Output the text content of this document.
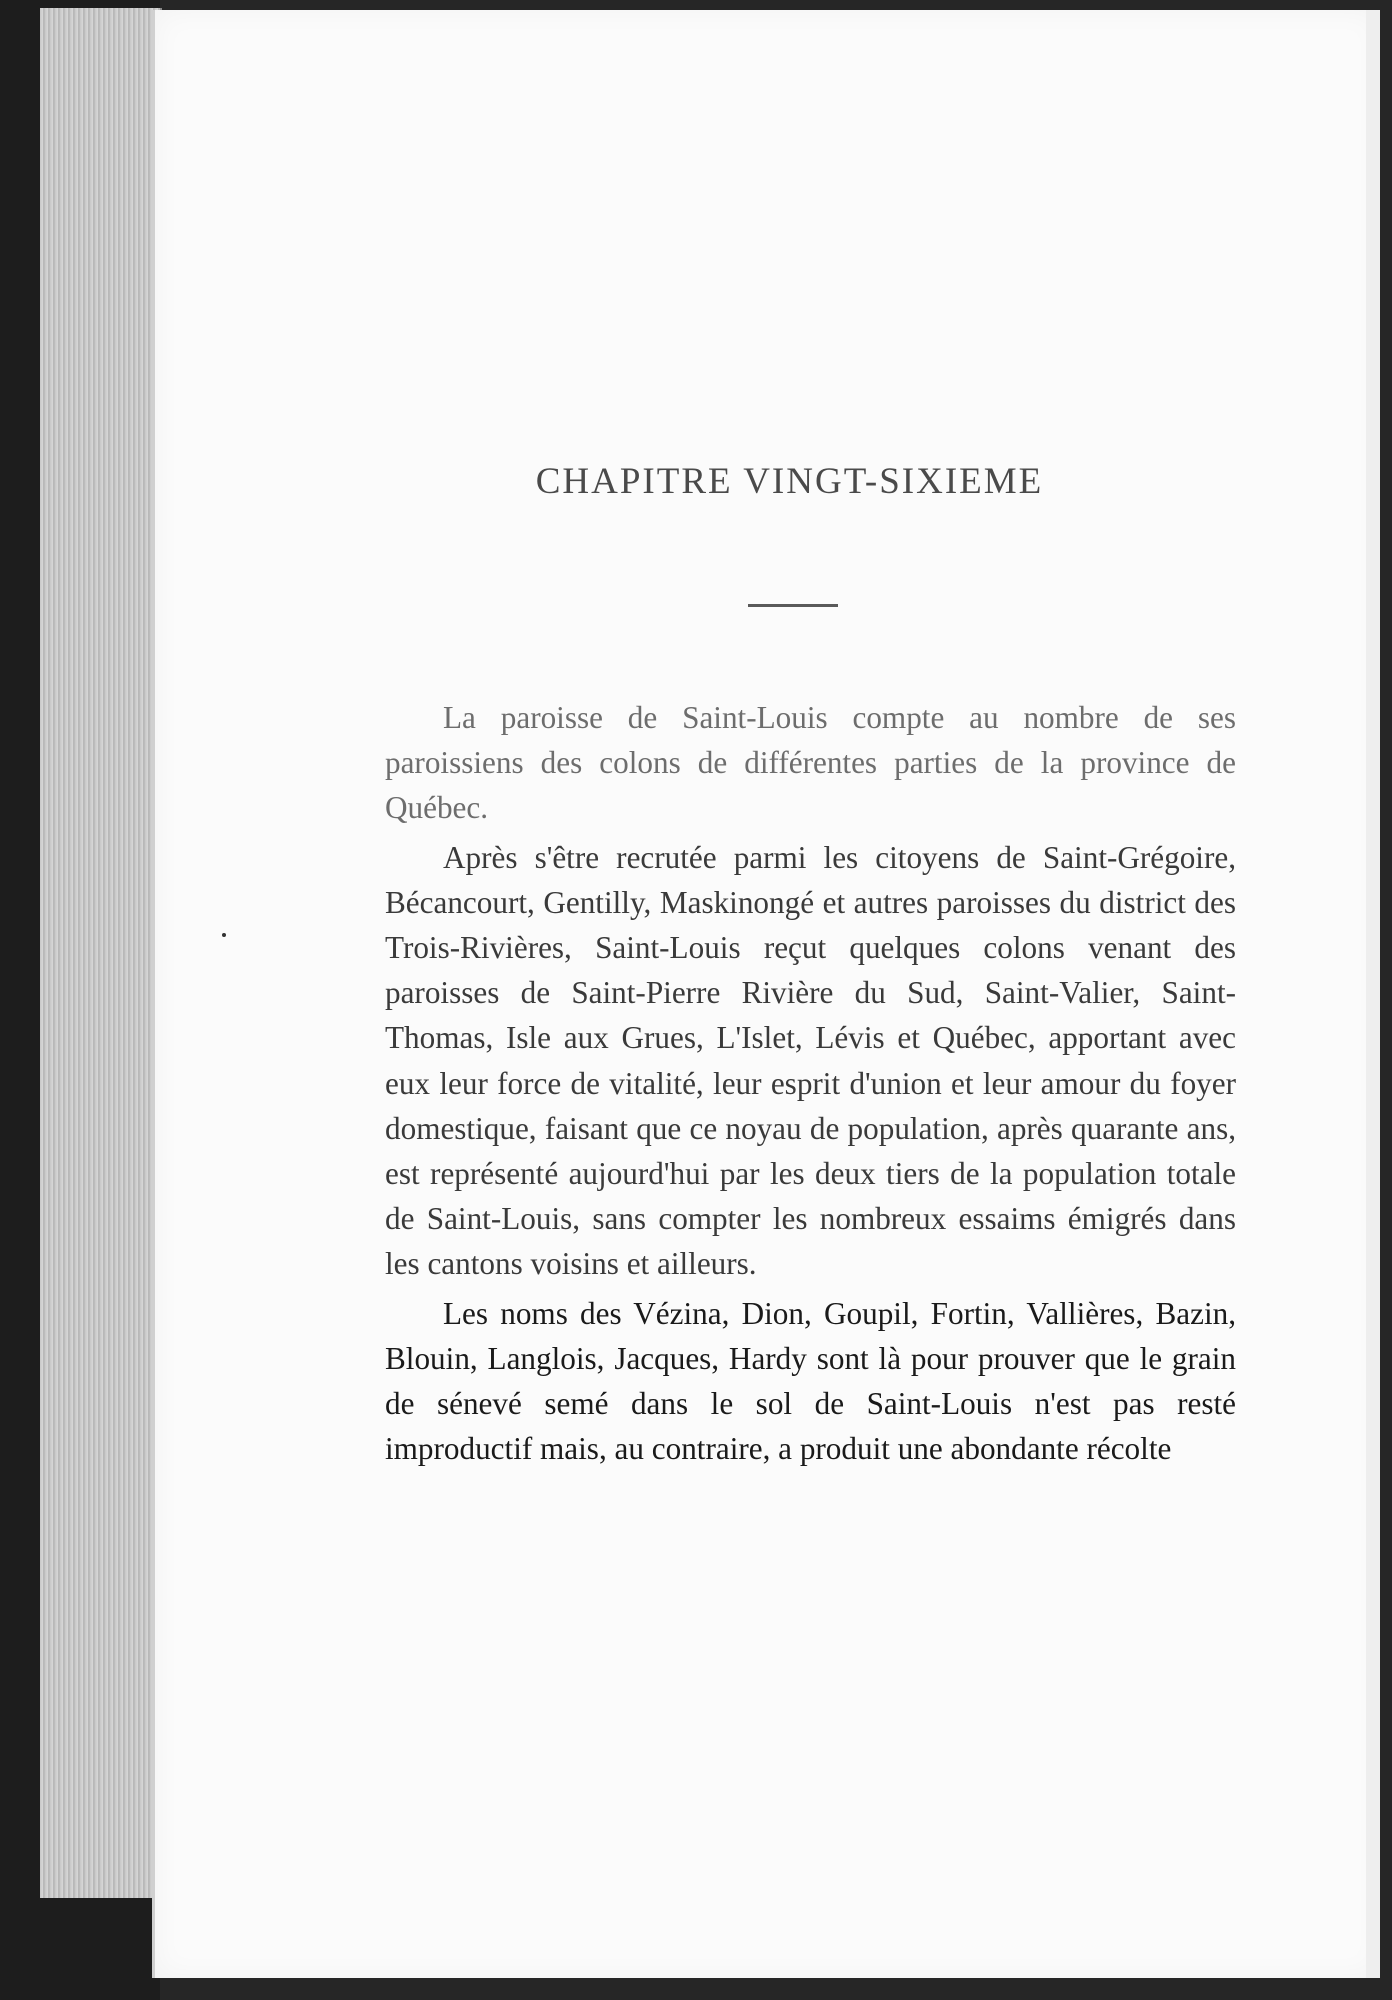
CHAPITRE VINGT-SIXIEME

La paroisse de Saint-Louis compte au nombre de ses paroissiens des colons de différentes parties de la province de Québec.

Après s'être recrutée parmi les citoyens de Saint-Grégoire, Bécancourt, Gentilly, Maskinongé et autres paroisses du district des Trois-Rivières, Saint-Louis reçut quelques colons venant des paroisses de Saint-Pierre Rivière du Sud, Saint-Valier, Saint-Thomas, Isle aux Grues, L'Islet, Lévis et Québec, apportant avec eux leur force de vitalité, leur esprit d'union et leur amour du foyer domestique, faisant que ce noyau de population, après quarante ans, est représenté aujourd'hui par les deux tiers de la population totale de Saint-Louis, sans compter les nombreux essaims émigrés dans les cantons voisins et ailleurs.

Les noms des Vézina, Dion, Goupil, Fortin, Vallières, Bazin, Blouin, Langlois, Jacques, Hardy sont là pour prouver que le grain de sénevé semé dans le sol de Saint-Louis n'est pas resté improductif mais, au contraire, a produit une abondante récolte
